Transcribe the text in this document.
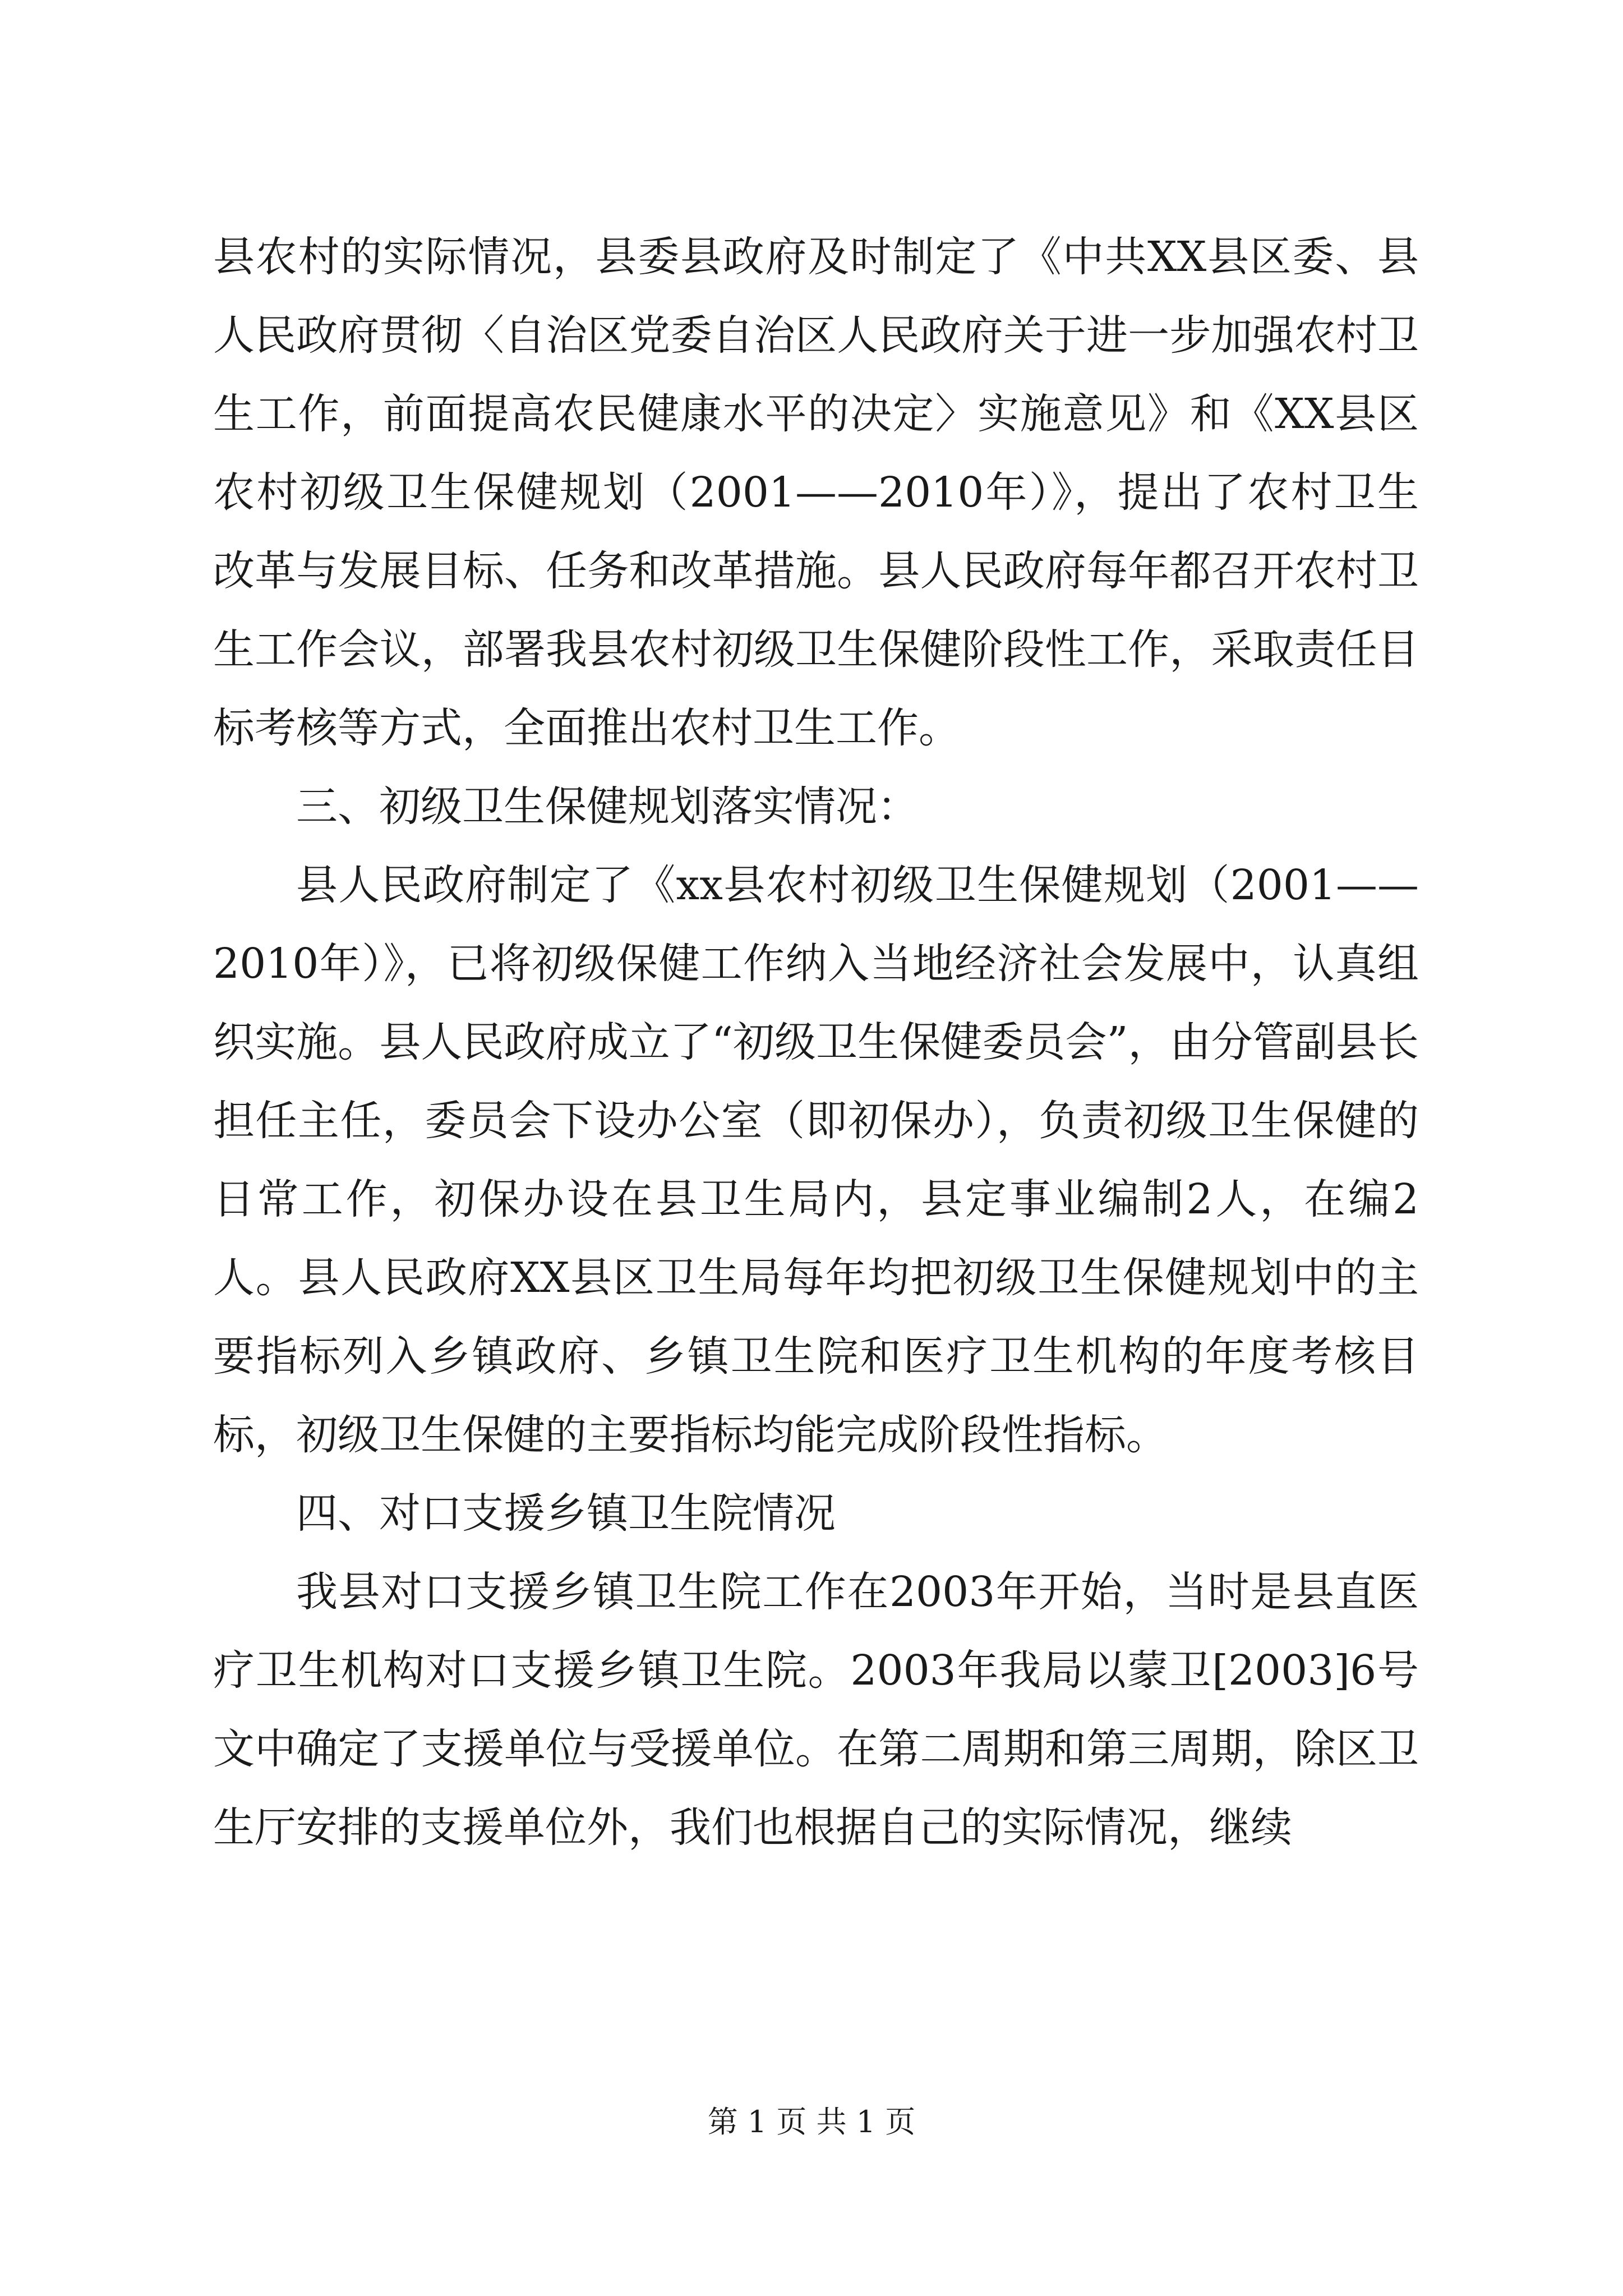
县农村的实际情况，县委县政府及时制定了《中共XX县区委、县人民政府贯彻〈自治区党委自治区人民政府关于进一步加强农村卫生工作，前面提高农民健康水平的决定〉实施意见》和《XX县区农村初级卫生保健规划（2001——2010年）》，提出了农村卫生改革与发展目标、任务和改革措施。县人民政府每年都召开农村卫生工作会议，部署我县农村初级卫生保健阶段性工作，采取责任目标考核等方式，全面推出农村卫生工作。

三、初级卫生保健规划落实情况：

县人民政府制定了《xx县农村初级卫生保健规划（2001——2010年）》，已将初级保健工作纳入当地经济社会发展中，认真组织实施。县人民政府成立了“初级卫生保健委员会”，由分管副县长担任主任，委员会下设办公室（即初保办），负责初级卫生保健的日常工作，初保办设在县卫生局内，县定事业编制2人，在编2人。县人民政府XX县区卫生局每年均把初级卫生保健规划中的主要指标列入乡镇政府、乡镇卫生院和医疗卫生机构的年度考核目标，初级卫生保健的主要指标均能完成阶段性指标。

四、对口支援乡镇卫生院情况

我县对口支援乡镇卫生院工作在2003年开始，当时是县直医疗卫生机构对口支援乡镇卫生院。2003年我局以蒙卫[2003]6号文中确定了支援单位与受援单位。在第二周期和第三周期，除区卫生厅安排的支援单位外，我们也根据自己的实际情况，继续

第 1 页 共 1 页
